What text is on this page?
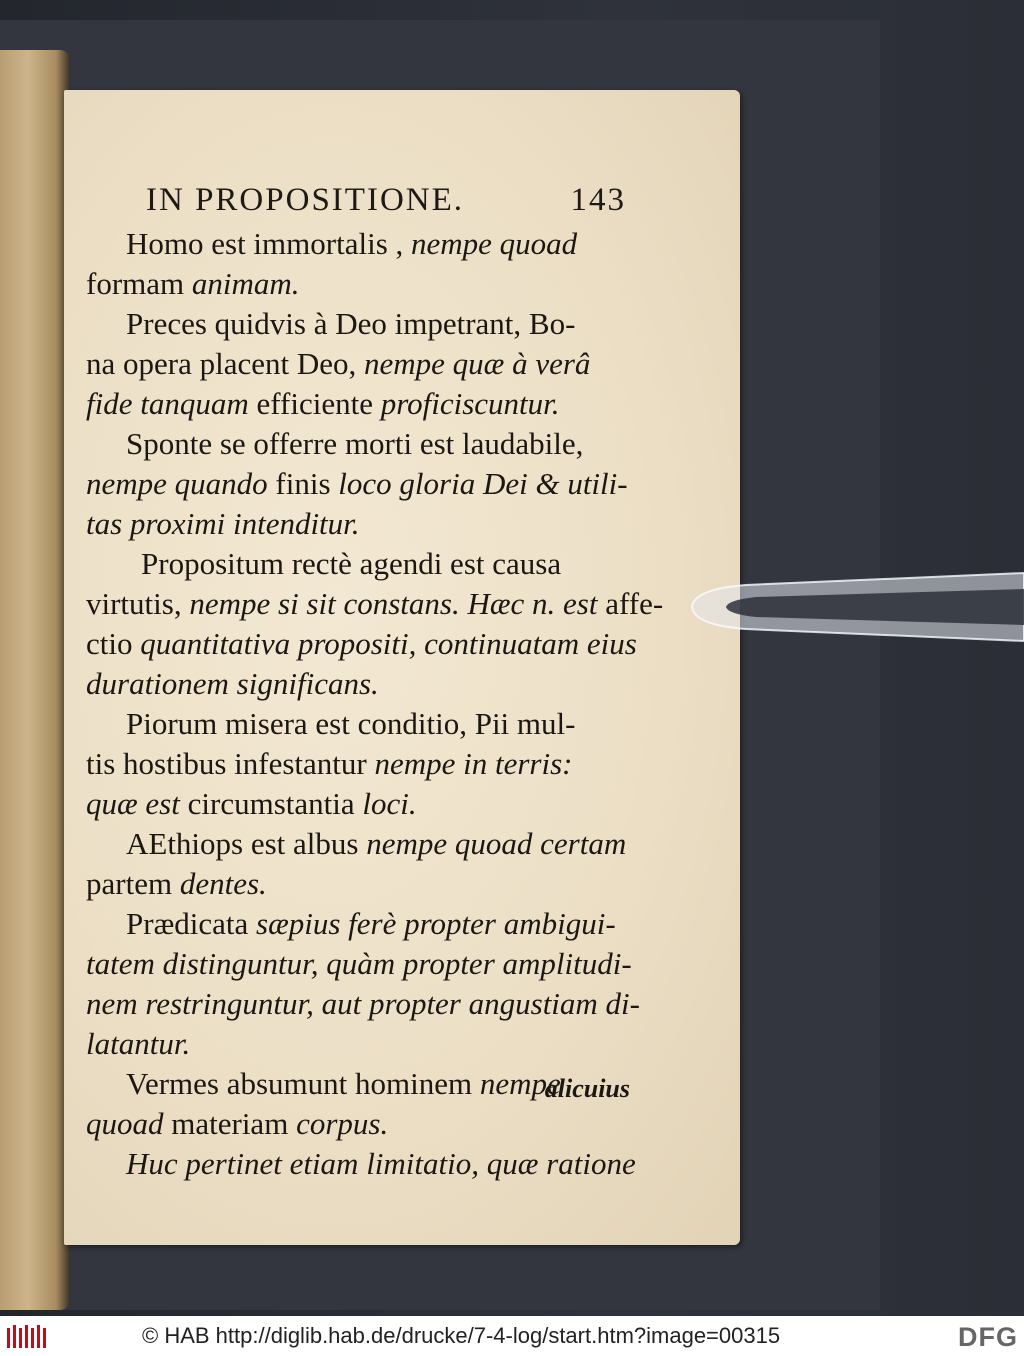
IN PROPOSITIONE.	143
Homo est immortalis , nempe quoad
formam animam.
Preces quidvis à Deo impetrant, Bo-
na opera placent Deo, nempe quæ à verâ
fide tanquam efficiente proficiscuntur.
Sponte se offerre morti est laudabile,
nempe quando finis loco gloria Dei & utili-
tas proximi intenditur.
Propositum rectè agendi est causa
virtutis, nempe si sit constans. Hæc n. est affe-
ctio quantitativa propositi, continuatam eius
durationem significans.
Piorum misera est conditio, Pii mul-
tis hostibus infestantur nempe in terris:
quæ est circumstantia loci.
AEthiops est albus nempe quoad certam
partem dentes.
Prædicata sæpius ferè propter ambigui-
tatem distinguntur, quàm propter amplitudi-
nem restringuntur, aut propter angustiam di-
latantur.
Vermes absumunt hominem nempe
quoad materiam corpus.
Huc pertinet etiam limitatio, quæ ratione
alicuius
© HAB http://diglib.hab.de/drucke/7-4-log/start.htm?image=00315	DFG
